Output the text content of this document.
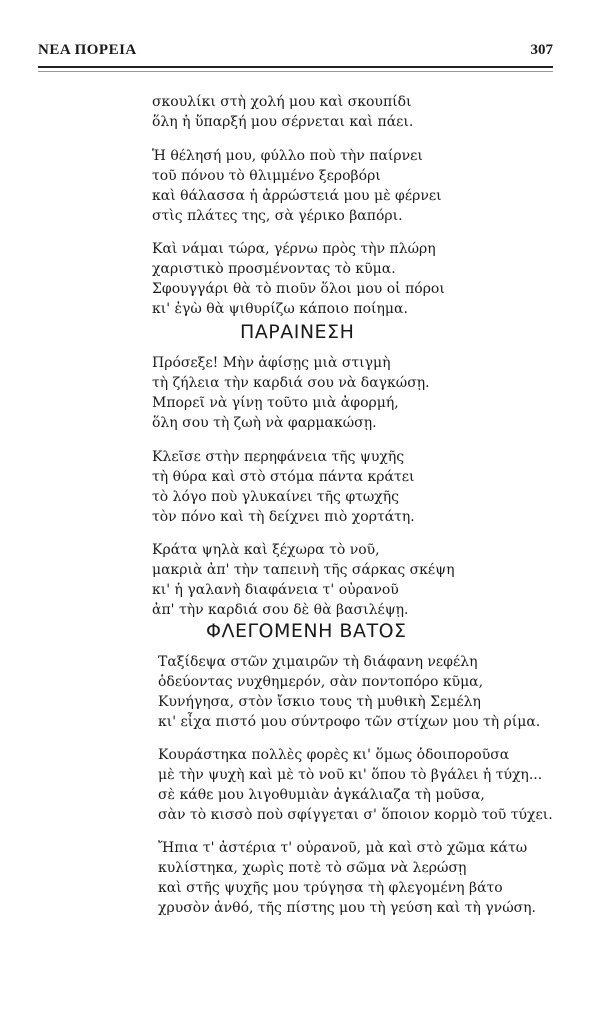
ΝΕΑ ΠΟΡΕΙΑ	307
σκουλίκι στὴ χολή μου καὶ σκουπίδι
ὅλη ἡ ὕπαρξή μου σέρνεται καὶ πάει.
Ἡ θέλησή μου, φύλλο ποὺ τὴν παίρνει
τοῦ πόνου τὸ θλιμμένο ξεροβόρι
καὶ θάλασσα ἡ ἀρρώστειά μου μὲ φέρνει
στὶς πλάτες της, σὰ γέρικο βαπόρι.
Καὶ νάμαι τώρα, γέρνω πρὸς τὴν πλώρη
χαριστικὸ προσμένοντας τὸ κῦμα.
Σφουγγάρι θὰ τὸ πιοῦν ὅλοι μου οἱ πόροι
κι' ἐγὼ θὰ ψιθυρίζω κάποιο ποίημα.
ΠΑΡΑΙΝΕΣΗ
Πρόσεξε! Μὴν ἀφίσῃς μιὰ στιγμὴ
τὴ ζήλεια τὴν καρδιά σου νὰ δαγκώσῃ.
Μπορεῖ νὰ γίνῃ τοῦτο μιὰ ἀφορμή,
ὅλη σου τὴ ζωὴ νὰ φαρμακώσῃ.
Κλεῖσε στὴν περηφάνεια τῆς ψυχῆς
τὴ θύρα καὶ στὸ στόμα πάντα κράτει
τὸ λόγο ποὺ γλυκαίνει τῆς φτωχῆς
τὸν πόνο καὶ τὴ δείχνει πιὸ χορτάτη.
Κράτα ψηλὰ καὶ ξέχωρα τὸ νοῦ,
μακριὰ ἀπ' τὴν ταπεινὴ τῆς σάρκας σκέψη
κι' ἡ γαλανὴ διαφάνεια τ' οὐρανοῦ
ἀπ' τὴν καρδιά σου δὲ θὰ βασιλέψῃ.
ΦΛΕΓΟΜΕΝΗ ΒΑΤΟΣ
Ταξίδεψα στῶν χιμαιρῶν τὴ διάφανη νεφέλη
ὁδεύοντας νυχθημερόν, σὰν ποντοπόρο κῦμα,
Κυνήγησα, στὸν ἴσκιο τους τὴ μυθικὴ Σεμέλη
κι' εἶχα πιστό μου σύντροφο τῶν στίχων μου τὴ ρίμα.
Κουράστηκα πολλὲς φορὲς κι' ὅμως ὁδοιποροῦσα
μὲ τὴν ψυχὴ καὶ μὲ τὸ νοῦ κι' ὅπου τὸ βγάλει ἡ τύχη...
σὲ κάθε μου λιγοθυμιὰν ἀγκάλιαζα τὴ μοῦσα,
σὰν τὸ κισσὸ ποὺ σφίγγεται σ' ὅποιον κορμὸ τοῦ τύχει.
Ἤπια τ' ἀστέρια τ' οὐρανοῦ, μὰ καὶ στὸ χῶμα κάτω
κυλίστηκα, χωρὶς ποτὲ τὸ σῶμα νὰ λερώσῃ
καὶ στῆς ψυχῆς μου τρύγησα τὴ φλεγομένη βάτο
χρυσὸν ἀνθό, τῆς πίστης μου τὴ γεύση καὶ τὴ γνώση.
